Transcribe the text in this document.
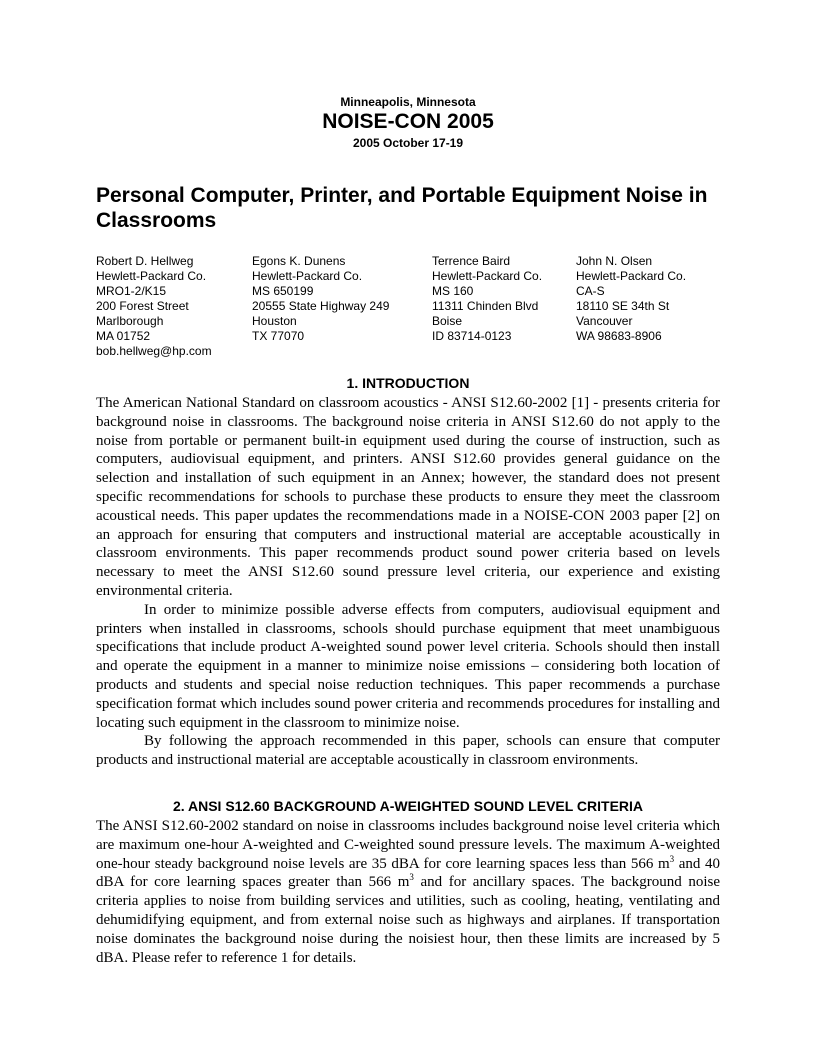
Minneapolis, Minnesota
NOISE-CON 2005
2005 October 17-19
Personal Computer, Printer, and Portable Equipment Noise in Classrooms
Robert D. Hellweg
Hewlett-Packard Co.
MRO1-2/K15
200 Forest Street
Marlborough
MA 01752
bob.hellweg@hp.com
Egons K. Dunens
Hewlett-Packard Co.
MS 650199
20555 State Highway 249
Houston
TX 77070
Terrence Baird
Hewlett-Packard Co.
MS 160
11311 Chinden Blvd
Boise
ID 83714-0123
John N. Olsen
Hewlett-Packard Co.
CA-S
18110 SE 34th St
Vancouver
WA 98683-8906
1. INTRODUCTION

The American National Standard on classroom acoustics - ANSI S12.60-2002 [1] - presents criteria for background noise in classrooms. The background noise criteria in ANSI S12.60 do not apply to the noise from portable or permanent built-in equipment used during the course of instruction, such as computers, audiovisual equipment, and printers. ANSI S12.60 provides general guidance on the selection and installation of such equipment in an Annex; however, the standard does not present specific recommendations for schools to purchase these products to ensure they meet the classroom acoustical needs. This paper updates the recommendations made in a NOISE-CON 2003 paper [2] on an approach for ensuring that computers and instructional material are acceptable acoustically in classroom environments. This paper recommends product sound power criteria based on levels necessary to meet the ANSI S12.60 sound pressure level criteria, our experience and existing environmental criteria.

In order to minimize possible adverse effects from computers, audiovisual equipment and printers when installed in classrooms, schools should purchase equipment that meet unambiguous specifications that include product A-weighted sound power level criteria. Schools should then install and operate the equipment in a manner to minimize noise emissions – considering both location of products and students and special noise reduction techniques. This paper recommends a purchase specification format which includes sound power criteria and recommends procedures for installing and locating such equipment in the classroom to minimize noise.

By following the approach recommended in this paper, schools can ensure that computer products and instructional material are acceptable acoustically in classroom environments.

2. ANSI S12.60 BACKGROUND A-WEIGHTED SOUND LEVEL CRITERIA

The ANSI S12.60-2002 standard on noise in classrooms includes background noise level criteria which are maximum one-hour A-weighted and C-weighted sound pressure levels. The maximum A-weighted one-hour steady background noise levels are 35 dBA for core learning spaces less than 566 $m^3$ and 40 dBA for core learning spaces greater than 566 $m^3$ and for ancillary spaces. The background noise criteria applies to noise from building services and utilities, such as cooling, heating, ventilating and dehumidifying equipment, and from external noise such as highways and airplanes. If transportation noise dominates the background noise during the noisiest hour, then these limits are increased by 5 dBA. Please refer to reference 1 for details.
